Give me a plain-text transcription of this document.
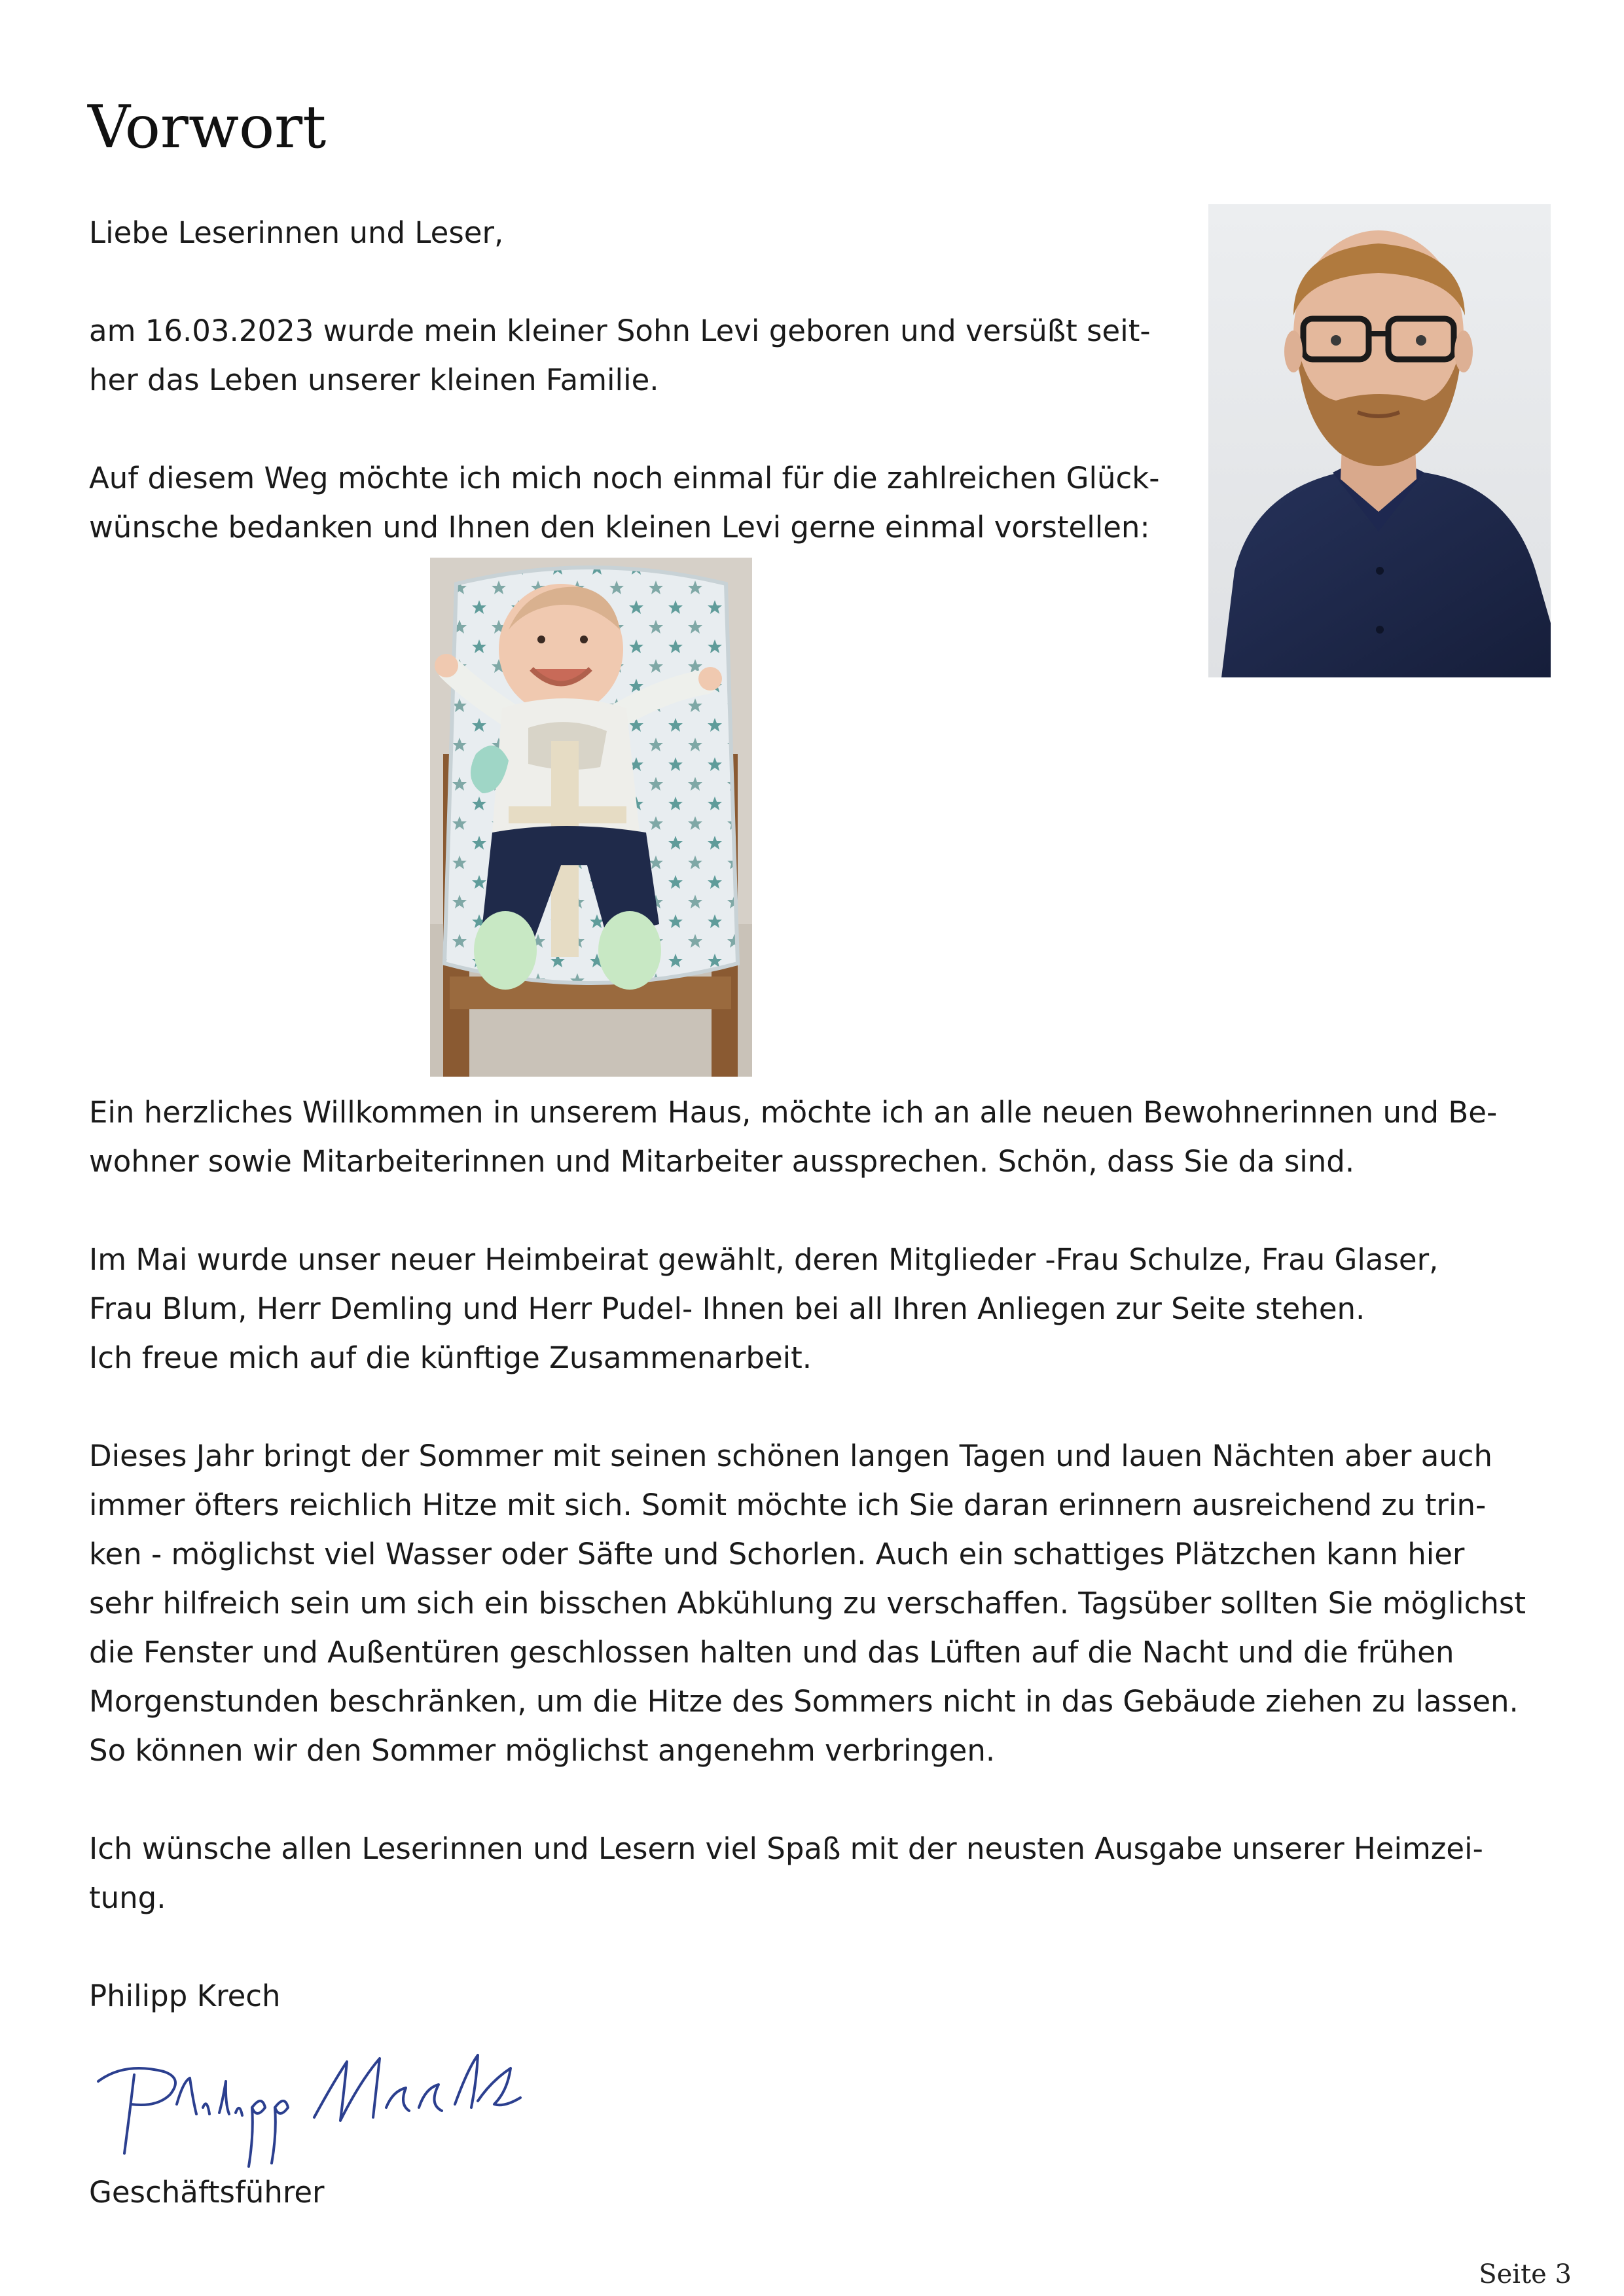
Vorwort

Liebe Leserinnen und Leser,

am 16.03.2023 wurde mein kleiner Sohn Levi geboren und versüßt seit-
her das Leben unserer kleinen Familie.

Auf diesem Weg möchte ich mich noch einmal für die zahlreichen Glück-
wünsche bedanken und Ihnen den kleinen Levi gerne einmal vorstellen:

Ein herzliches Willkommen in unserem Haus, möchte ich an alle neuen Bewohnerinnen und Be-
wohner sowie Mitarbeiterinnen und Mitarbeiter aussprechen. Schön, dass Sie da sind.

Im Mai wurde unser neuer Heimbeirat gewählt, deren Mitglieder -Frau Schulze, Frau Glaser,
Frau Blum, Herr Demling und Herr Pudel- Ihnen bei all Ihren Anliegen zur Seite stehen.
Ich freue mich auf die künftige Zusammenarbeit.

Dieses Jahr bringt der Sommer mit seinen schönen langen Tagen und lauen Nächten aber auch
immer öfters reichlich Hitze mit sich. Somit möchte ich Sie daran erinnern ausreichend zu trin-
ken - möglichst viel Wasser oder Säfte und Schorlen. Auch ein schattiges Plätzchen kann hier
sehr hilfreich sein um sich ein bisschen Abkühlung zu verschaffen. Tagsüber sollten Sie möglichst
die Fenster und Außentüren geschlossen halten und das Lüften auf die Nacht und die frühen
Morgenstunden beschränken, um die Hitze des Sommers nicht in das Gebäude ziehen zu lassen.
So können wir den Sommer möglichst angenehm verbringen.

Ich wünsche allen Leserinnen und Lesern viel Spaß mit der neusten Ausgabe unserer Heimzei-
tung.

Philipp Krech

Geschäftsführer

Seite 3
